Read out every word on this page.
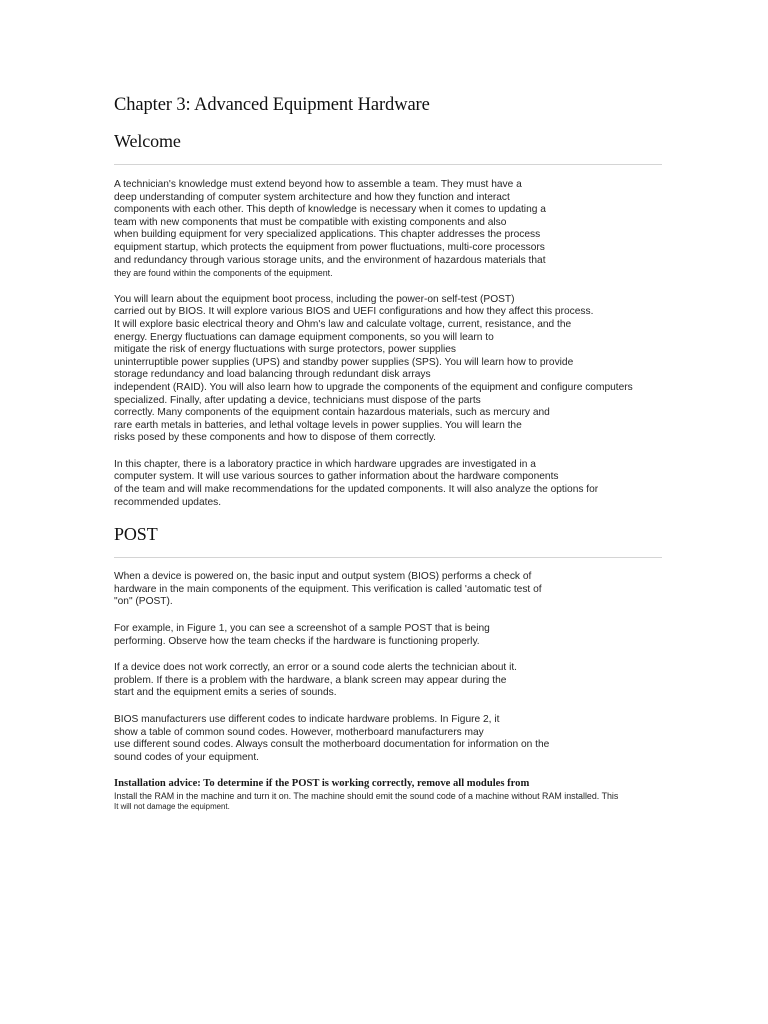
Chapter 3: Advanced Equipment Hardware
Welcome

A technician's knowledge must extend beyond how to assemble a team. They must have a
deep understanding of computer system architecture and how they function and interact
components with each other. This depth of knowledge is necessary when it comes to updating a
team with new components that must be compatible with existing components and also
when building equipment for very specialized applications. This chapter addresses the process
equipment startup, which protects the equipment from power fluctuations, multi-core processors
and redundancy through various storage units, and the environment of hazardous materials that
they are found within the components of the equipment.

You will learn about the equipment boot process, including the power-on self-test (POST)
carried out by BIOS. It will explore various BIOS and UEFI configurations and how they affect this process.
It will explore basic electrical theory and Ohm's law and calculate voltage, current, resistance, and the
energy. Energy fluctuations can damage equipment components, so you will learn to
mitigate the risk of energy fluctuations with surge protectors, power supplies
uninterruptible power supplies (UPS) and standby power supplies (SPS). You will learn how to provide
storage redundancy and load balancing through redundant disk arrays
independent (RAID). You will also learn how to upgrade the components of the equipment and configure computers
specialized. Finally, after updating a device, technicians must dispose of the parts
correctly. Many components of the equipment contain hazardous materials, such as mercury and
rare earth metals in batteries, and lethal voltage levels in power supplies. You will learn the
risks posed by these components and how to dispose of them correctly.

In this chapter, there is a laboratory practice in which hardware upgrades are investigated in a
computer system. It will use various sources to gather information about the hardware components
of the team and will make recommendations for the updated components. It will also analyze the options for
recommended updates.

POST

When a device is powered on, the basic input and output system (BIOS) performs a check of
hardware in the main components of the equipment. This verification is called 'automatic test of
"on" (POST).

For example, in Figure 1, you can see a screenshot of a sample POST that is being
performing. Observe how the team checks if the hardware is functioning properly.

If a device does not work correctly, an error or a sound code alerts the technician about it.
problem. If there is a problem with the hardware, a blank screen may appear during the
start and the equipment emits a series of sounds.

BIOS manufacturers use different codes to indicate hardware problems. In Figure 2, it
show a table of common sound codes. However, motherboard manufacturers may
use different sound codes. Always consult the motherboard documentation for information on the
sound codes of your equipment.

Installation advice: To determine if the POST is working correctly, remove all modules from
Install the RAM in the machine and turn it on. The machine should emit the sound code of a machine without RAM installed. This
It will not damage the equipment.
